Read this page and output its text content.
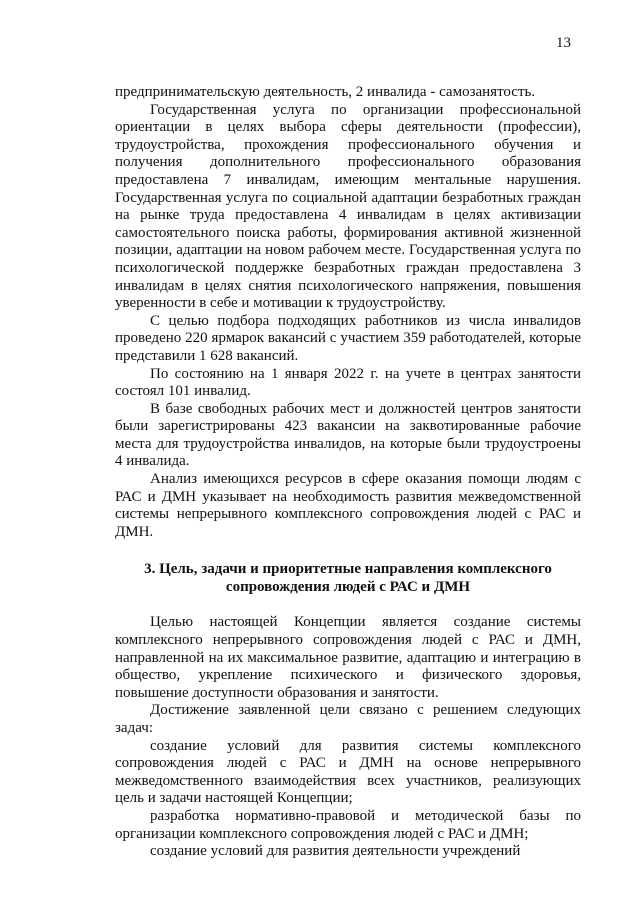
13

предпринимательскую деятельность, 2 инвалида - самозанятость.

Государственная услуга по организации профессиональной ориентации в целях выбора сферы деятельности (профессии), трудоустройства, прохождения профессионального обучения и получения дополнительного профессионального образования предоставлена 7 инвалидам, имеющим ментальные нарушения. Государственная услуга по социальной адаптации безработных граждан на рынке труда предоставлена 4 инвалидам в целях активизации самостоятельного поиска работы, формирования активной жизненной позиции, адаптации на новом рабочем месте. Государственная услуга по психологической поддержке безработных граждан предоставлена 3 инвалидам в целях снятия психологического напряжения, повышения уверенности в себе и мотивации к трудоустройству.

С целью подбора подходящих работников из числа инвалидов проведено 220 ярмарок вакансий с участием 359 работодателей, которые представили 1 628 вакансий.

По состоянию на 1 января 2022 г. на учете в центрах занятости состоял 101 инвалид.

В базе свободных рабочих мест и должностей центров занятости были зарегистрированы 423 вакансии на заквотированные рабочие места для трудоустройства инвалидов, на которые были трудоустроены 4 инвалида.

Анализ имеющихся ресурсов в сфере оказания помощи людям с РАС и ДМН указывает на необходимость развития межведомственной системы непрерывного комплексного сопровождения людей с РАС и ДМН.

3. Цель, задачи и приоритетные направления комплексного
сопровождения людей с РАС и ДМН

Целью настоящей Концепции является создание системы комплексного непрерывного сопровождения людей с РАС и ДМН, направленной на их максимальное развитие, адаптацию и интеграцию в общество, укрепление психического и физического здоровья, повышение доступности образования и занятости.

Достижение заявленной цели связано с решением следующих задач:

создание условий для развития системы комплексного сопровождения людей с РАС и ДМН на основе непрерывного межведомственного взаимодействия всех участников, реализующих цель и задачи настоящей Концепции;

разработка нормативно-правовой и методической базы по организации комплексного сопровождения людей с РАС и ДМН;

создание условий для развития деятельности учреждений
